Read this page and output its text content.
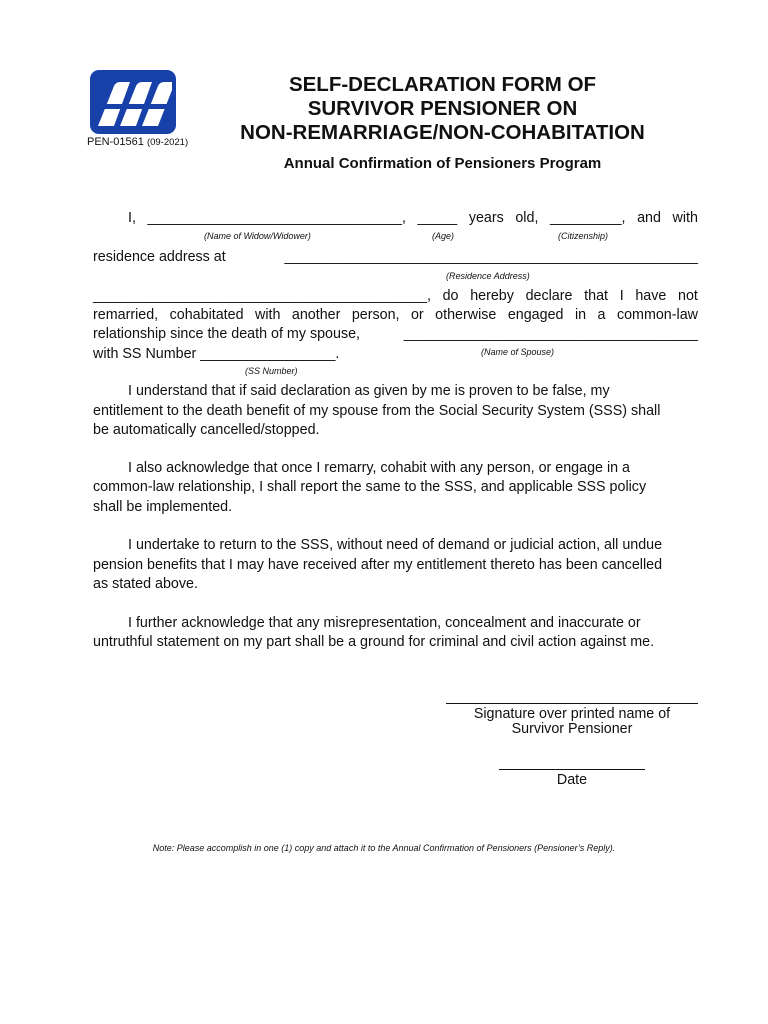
PEN-01561 (09-2021)
SELF-DECLARATION FORM OF
SURVIVOR PENSIONER ON
NON-REMARRIAGE/NON-COHABITATION
Annual Confirmation of Pensioners Program
I, ________________________________, _____ years old, _________, and with
(Name of Widow/Widower)	(Age)	(Citizenship)
residence address at	____________________________________________________
(Residence Address)
__________________________________________, do hereby declare that I have not
remarried, cohabitated with another person, or otherwise engaged in a common-law
relationship since the death of my spouse,	_____________________________________
with SS Number _________________.	(Name of Spouse)
(SS Number)
I understand that if said declaration as given by me is proven to be false, my
entitlement to the death benefit of my spouse from the Social Security System (SSS) shall
be automatically cancelled/stopped.
I also acknowledge that once I remarry, cohabit with any person, or engage in a
common-law relationship, I shall report the same to the SSS, and applicable SSS policy
shall be implemented.
I undertake to return to the SSS, without need of demand or judicial action, all undue
pension benefits that I may have received after my entitlement thereto has been cancelled
as stated above.
I further acknowledge that any misrepresentation, concealment and inaccurate or
untruthful statement on my part shall be a ground for criminal and civil action against me.
Signature over printed name of
Survivor Pensioner
Date
Note: Please accomplish in one (1) copy and attach it to the Annual Confirmation of Pensioners (Pensioner’s Reply).
